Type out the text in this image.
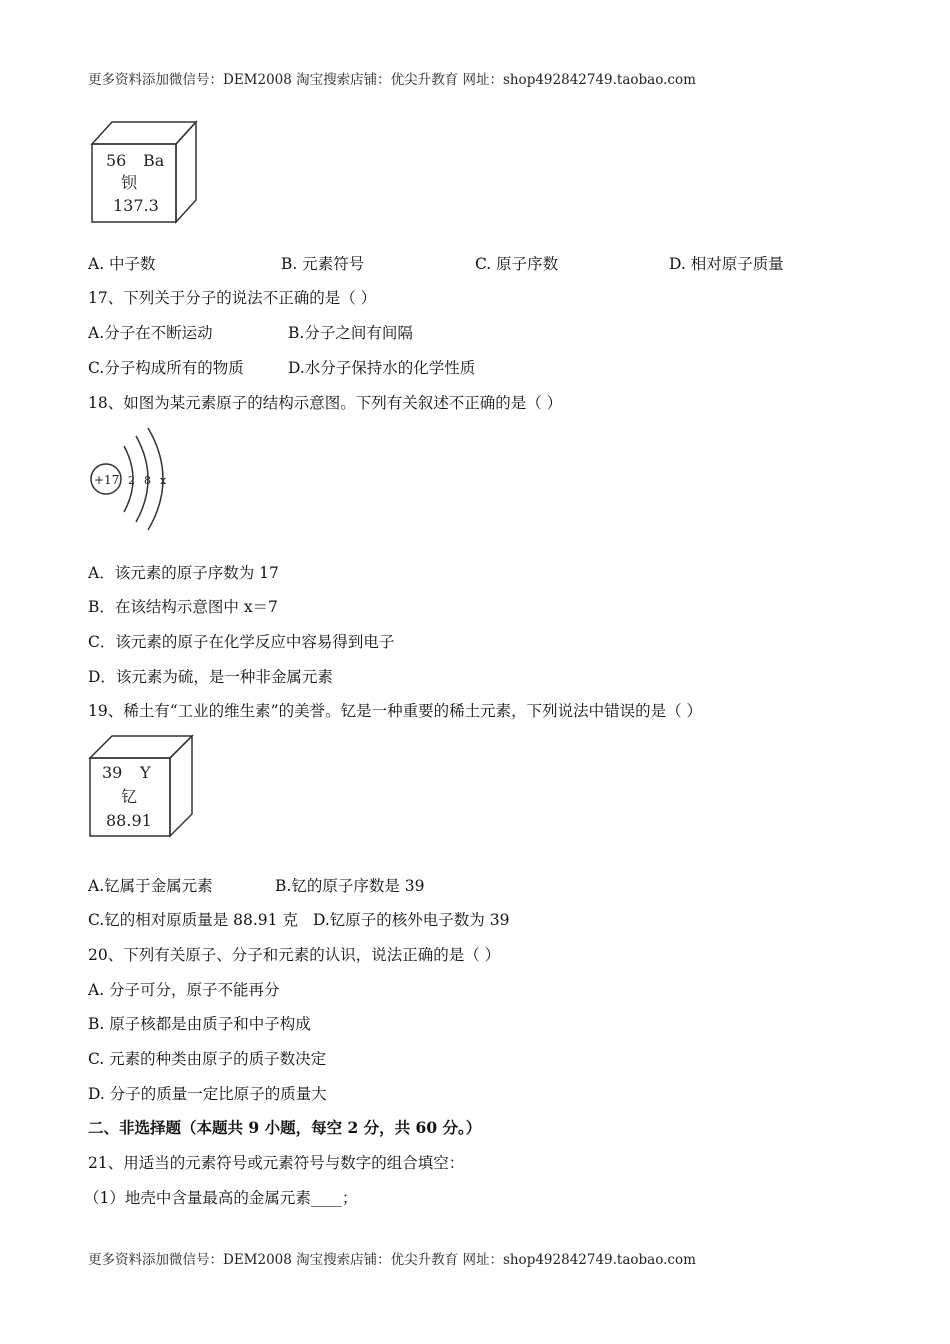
更多资料添加微信号：DEM2008 淘宝搜索店铺：优尖升教育 网址：shop492842749.taobao.com
56 Ba
钡
137.3
A. 中子数	B. 元素符号	C. 原子序数	D. 相对原子质量
17、下列关于分子的说法不正确的是（ ）
A.分子在不断运动	B.分子之间有间隔
C.分子构成所有的物质	D.水分子保持水的化学性质
18、如图为某元素原子的结构示意图。下列有关叙述不正确的是（ ）
+17 2 8 x
A．该元素的原子序数为 17
B．在该结构示意图中 x＝7
C．该元素的原子在化学反应中容易得到电子
D．该元素为硫，是一种非金属元素
19、稀土有“工业的维生素”的美誉。钇是一种重要的稀土元素，下列说法中错误的是（ ）
39 Y
钇
88.91
A.钇属于金属元素	B.钇的原子序数是 39
C.钇的相对原质量是 88.91 克 D.钇原子的核外电子数为 39
20、下列有关原子、分子和元素的认识，说法正确的是（ ）
A. 分子可分，原子不能再分
B. 原子核都是由质子和中子构成
C. 元素的种类由原子的质子数决定
D. 分子的质量一定比原子的质量大
二、非选择题（本题共 9 小题，每空 2 分，共 60 分。）
21、用适当的元素符号或元素符号与数字的组合填空：
（1）地壳中含量最高的金属元素____；
更多资料添加微信号：DEM2008 淘宝搜索店铺：优尖升教育 网址：shop492842749.taobao.com
